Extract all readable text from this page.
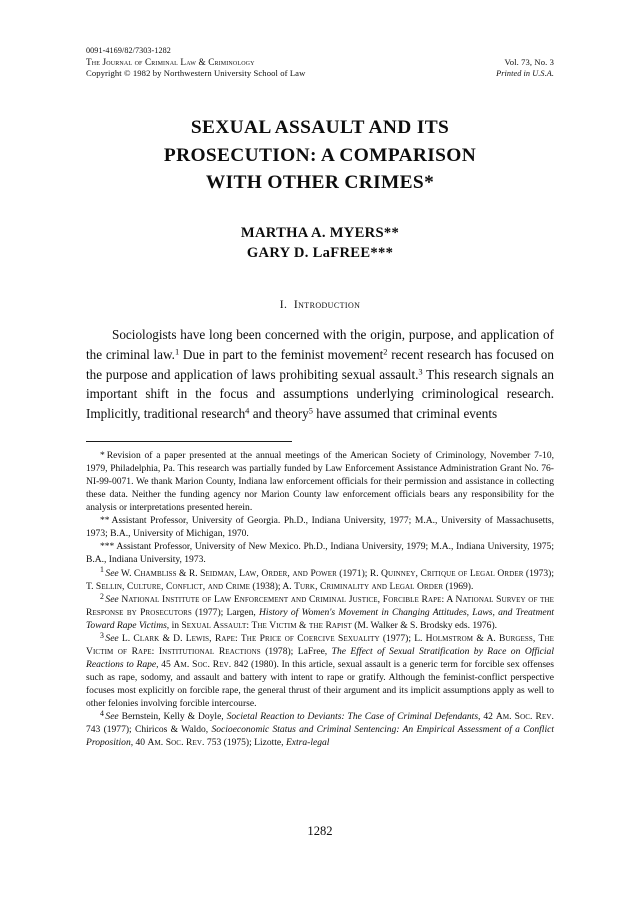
0091-4169/82/7303-1282
The Journal of Criminal Law & Criminology	Vol. 73, No. 3
Copyright © 1982 by Northwestern University School of Law	Printed in U.S.A.
SEXUAL ASSAULT AND ITS
PROSECUTION: A COMPARISON
WITH OTHER CRIMES*
MARTHA A. MYERS**
GARY D. LaFREE***
I. Introduction

Sociologists have long been concerned with the origin, purpose, and application of the criminal law.$^1$ Due in part to the feminist movement$^2$ recent research has focused on the purpose and application of laws prohibiting sexual assault.$^3$ This research signals an important shift in the focus and assumptions underlying criminological research. Implicitly, traditional research$^4$ and theory$^5$ have assumed that criminal events

* Revision of a paper presented at the annual meetings of the American Society of Criminology, November 7-10, 1979, Philadelphia, Pa. This research was partially funded by Law Enforcement Assistance Administration Grant No. 76-NI-99-0071. We thank Marion County, Indiana law enforcement officials for their permission and assistance in collecting these data. Neither the funding agency nor Marion County law enforcement officials bears any responsibility for the analysis or interpretations presented herein.
** Assistant Professor, University of Georgia. Ph.D., Indiana University, 1977; M.A., University of Massachusetts, 1973; B.A., University of Michigan, 1970.
*** Assistant Professor, University of New Mexico. Ph.D., Indiana University, 1979; M.A., Indiana University, 1975; B.A., Indiana University, 1973.
$^1$ See W. Chambliss & R. Seidman, Law, Order, and Power (1971); R. Quinney, Critique of Legal Order (1973); T. Sellin, Culture, Conflict, and Crime (1938); A. Turk, Criminality and Legal Order (1969).
$^2$ See National Institute of Law Enforcement and Criminal Justice, Forcible Rape: A National Survey of the Response by Prosecutors (1977); Largen, History of Women's Movement in Changing Attitudes, Laws, and Treatment Toward Rape Victims, in Sexual Assault: The Victim & the Rapist (M. Walker & S. Brodsky eds. 1976).
$^3$ See L. Clark & D. Lewis, Rape: The Price of Coercive Sexuality (1977); L. Holmstrom & A. Burgess, The Victim of Rape: Institutional Reactions (1978); LaFree, The Effect of Sexual Stratification by Race on Official Reactions to Rape, 45 Am. Soc. Rev. 842 (1980). In this article, sexual assault is a generic term for forcible sex offenses such as rape, sodomy, and assault and battery with intent to rape or gratify. Although the feminist-conflict perspective focuses most explicitly on forcible rape, the general thrust of their argument and its implicit assumptions apply as well to other felonies involving forcible intercourse.
$^4$ See Bernstein, Kelly & Doyle, Societal Reaction to Deviants: The Case of Criminal Defendants, 42 Am. Soc. Rev. 743 (1977); Chiricos & Waldo, Socioeconomic Status and Criminal Sentencing: An Empirical Assessment of a Conflict Proposition, 40 Am. Soc. Rev. 753 (1975); Lizotte, Extra-legal
1282
